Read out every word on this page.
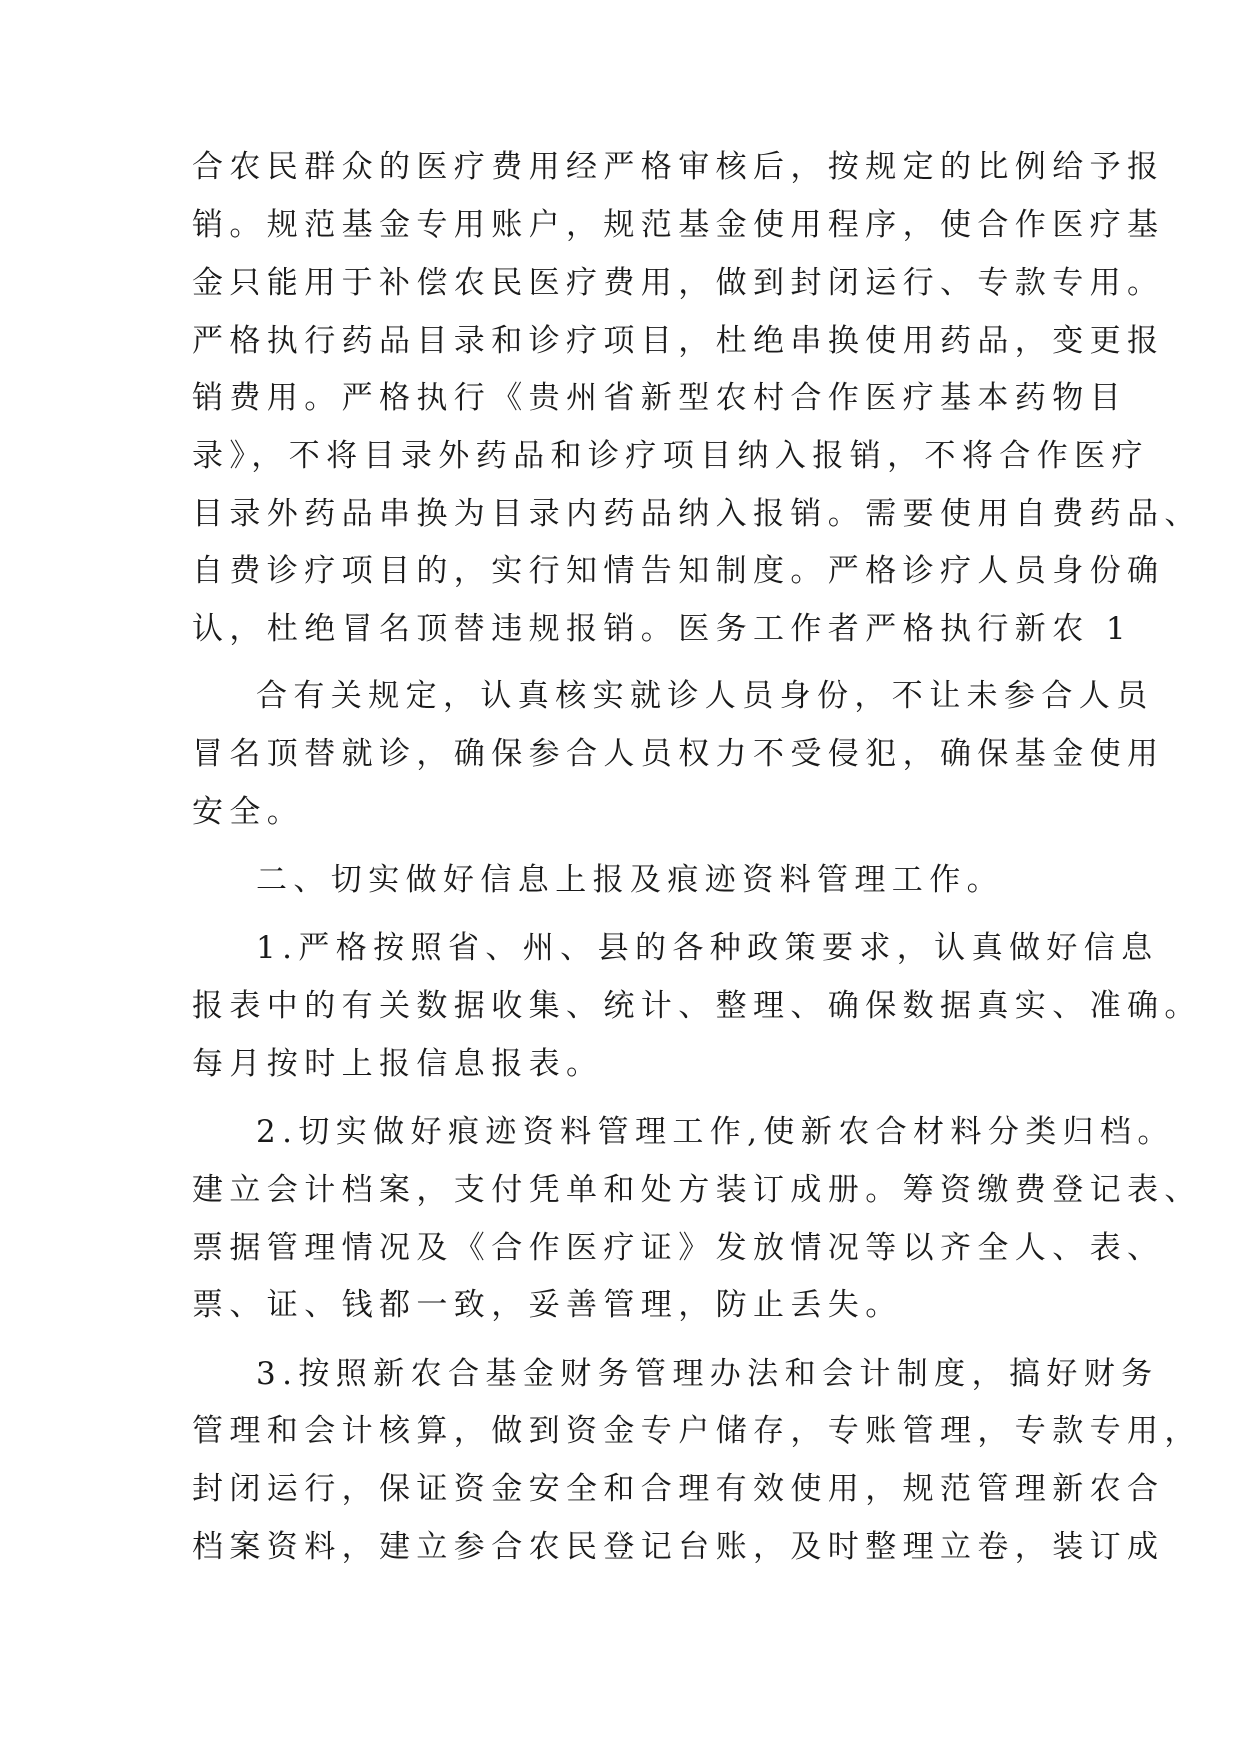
合农民群众的医疗费用经严格审核后，按规定的比例给予报
销。规范基金专用账户，规范基金使用程序，使合作医疗基
金只能用于补偿农民医疗费用，做到封闭运行、专款专用。
严格执行药品目录和诊疗项目，杜绝串换使用药品，变更报
销费用。严格执行《贵州省新型农村合作医疗基本药物目
录》，不将目录外药品和诊疗项目纳入报销，不将合作医疗
目录外药品串换为目录内药品纳入报销。需要使用自费药品、
自费诊疗项目的，实行知情告知制度。严格诊疗人员身份确
认，杜绝冒名顶替违规报销。医务工作者严格执行新农 1
合有关规定，认真核实就诊人员身份，不让未参合人员
冒名顶替就诊，确保参合人员权力不受侵犯，确保基金使用
安全。
二、切实做好信息上报及痕迹资料管理工作。
1.严格按照省、州、县的各种政策要求，认真做好信息
报表中的有关数据收集、统计、整理、确保数据真实、准确。
每月按时上报信息报表。
2.切实做好痕迹资料管理工作,使新农合材料分类归档。
建立会计档案，支付凭单和处方装订成册。筹资缴费登记表、
票据管理情况及《合作医疗证》发放情况等以齐全人、表、
票、证、钱都一致，妥善管理，防止丢失。
3.按照新农合基金财务管理办法和会计制度，搞好财务
管理和会计核算，做到资金专户储存，专账管理，专款专用，
封闭运行，保证资金安全和合理有效使用，规范管理新农合
档案资料，建立参合农民登记台账，及时整理立卷，装订成
